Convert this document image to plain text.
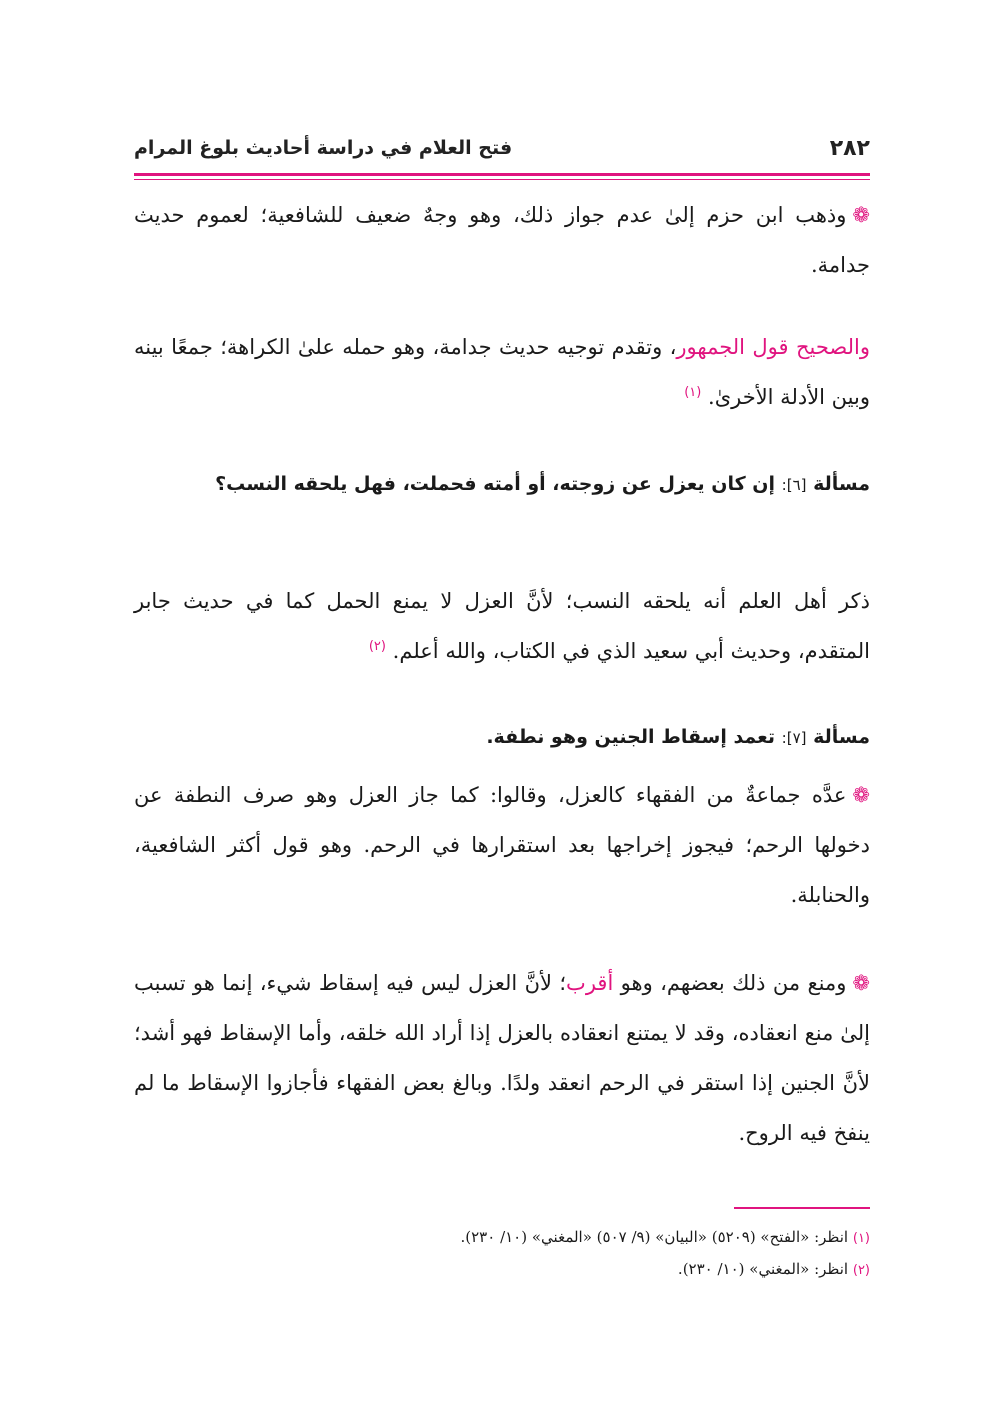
٢٨٢
فتح العلام في دراسة أحاديث بلوغ المرام

❁وذهب ابن حزم إلىٰ عدم جواز ذلك، وهو وجهٌ ضعيف للشافعية؛ لعموم حديث جدامة.

والصحيح قول الجمهور، وتقدم توجيه حديث جدامة، وهو حمله علىٰ الكراهة؛ جمعًا بينه وبين الأدلة الأخرىٰ. $^{(١)}$

مسألة [٦]: إن كان يعزل عن زوجته، أو أمته فحملت، فهل يلحقه النسب؟

ذكر أهل العلم أنه يلحقه النسب؛ لأنَّ العزل لا يمنع الحمل كما في حديث جابر المتقدم، وحديث أبي سعيد الذي في الكتاب، والله أعلم. $^{(٢)}$

مسألة [٧]: تعمد إسقاط الجنين وهو نطفة.

❁عدَّه جماعةٌ من الفقهاء كالعزل، وقالوا: كما جاز العزل وهو صرف النطفة عن دخولها الرحم؛ فيجوز إخراجها بعد استقرارها في الرحم. وهو قول أكثر الشافعية، والحنابلة.

❁ومنع من ذلك بعضهم، وهو أقرب؛ لأنَّ العزل ليس فيه إسقاط شيء، إنما هو تسبب إلىٰ منع انعقاده، وقد لا يمتنع انعقاده بالعزل إذا أراد الله خلقه، وأما الإسقاط فهو أشد؛ لأنَّ الجنين إذا استقر في الرحم انعقد ولدًا. وبالغ بعض الفقهاء فأجازوا الإسقاط ما لم ينفخ فيه الروح.

(١) انظر: «الفتح» (٥٢٠٩) «البيان» (٩/ ٥٠٧) «المغني» (١٠/ ٢٣٠).

(٢) انظر: «المغني» (١٠/ ٢٣٠).
